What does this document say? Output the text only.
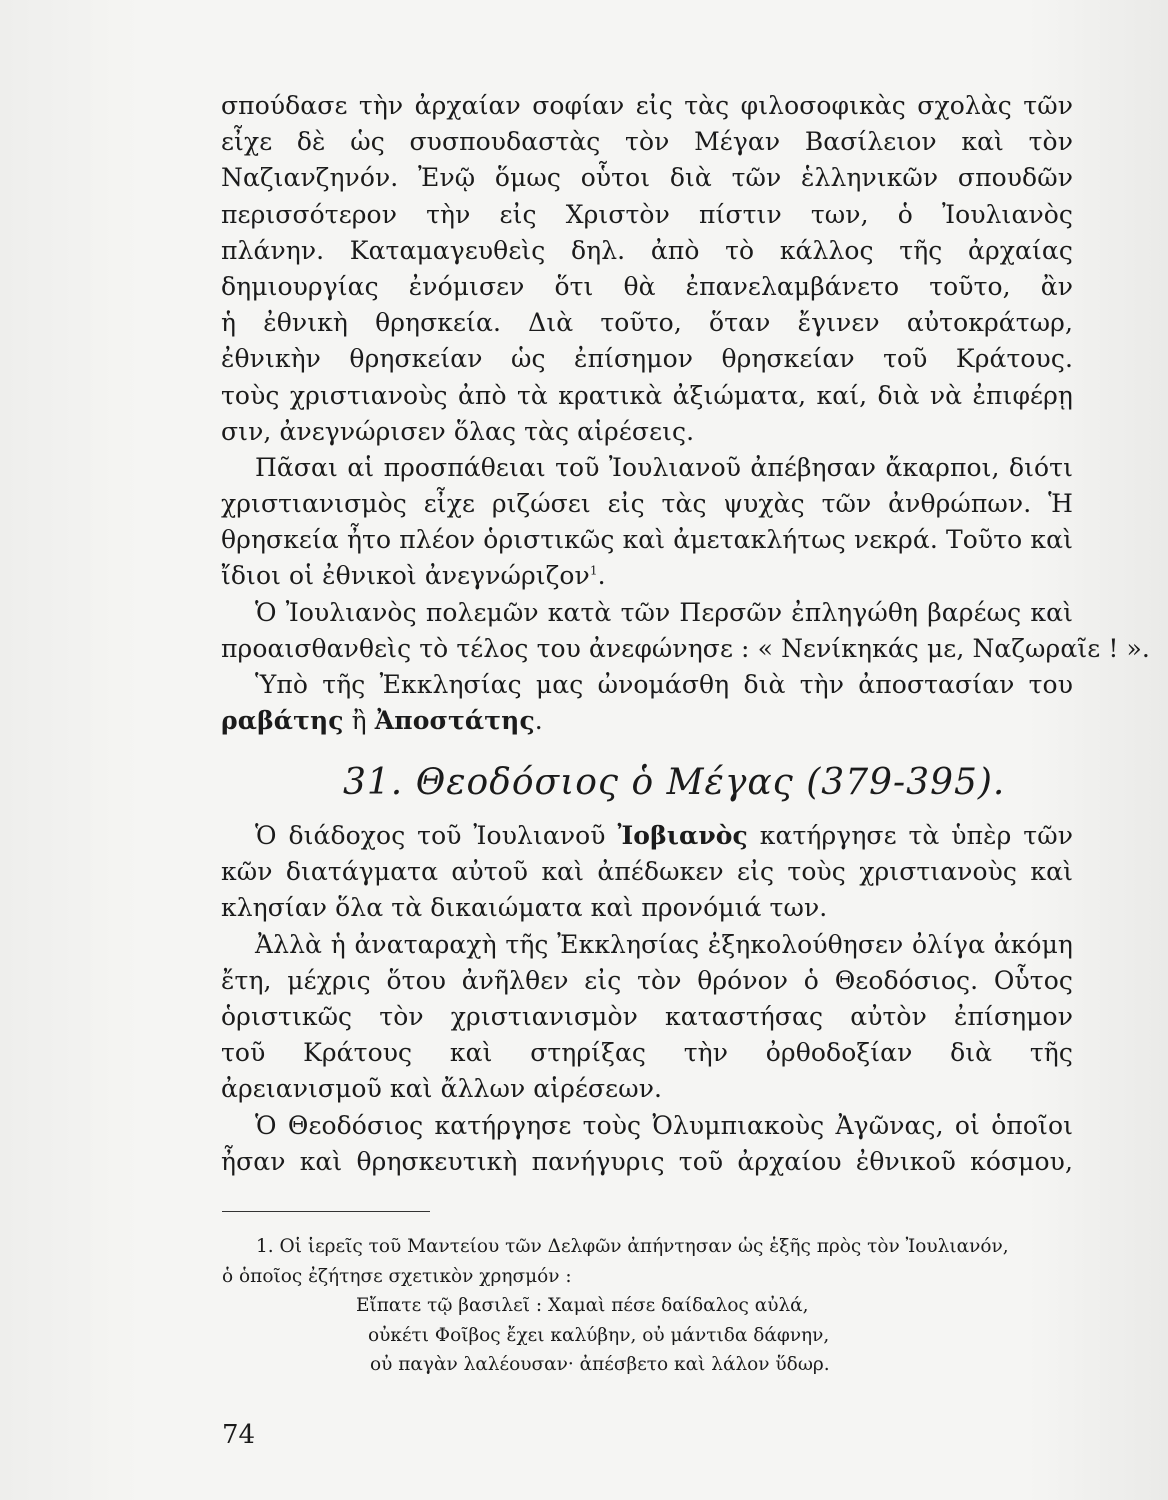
σπούδασε τὴν ἀρχαίαν σοφίαν εἰς τὰς φιλοσοφικὰς σχολὰς τῶν
εἶχε δὲ ὡς συσπουδαστὰς τὸν Μέγαν Βασίλειον καὶ τὸν
Ναζιανζηνόν. Ἐνῷ ὅμως οὗτοι διὰ τῶν ἑλληνικῶν σπουδῶν
περισσότερον τὴν εἰς Χριστὸν πίστιν των, ὁ Ἰουλιανὸς
πλάνην. Καταμαγευθεὶς δηλ. ἀπὸ τὸ κάλλος τῆς ἀρχαίας
δημιουργίας ἐνόμισεν ὅτι θὰ ἐπανελαμβάνετο τοῦτο, ἂν
ἡ ἐθνικὴ θρησκεία. Διὰ τοῦτο, ὅταν ἔγινεν αὐτοκράτωρ,
ἐθνικὴν θρησκείαν ὡς ἐπίσημον θρησκείαν τοῦ Κράτους.
τοὺς χριστιανοὺς ἀπὸ τὰ κρατικὰ ἀξιώματα, καί, διὰ νὰ ἐπιφέρῃ
σιν, ἀνεγνώρισεν ὅλας τὰς αἱρέσεις.
Πᾶσαι αἱ προσπάθειαι τοῦ Ἰουλιανοῦ ἀπέβησαν ἄκαρποι, διότι
χριστιανισμὸς εἶχε ριζώσει εἰς τὰς ψυχὰς τῶν ἀνθρώπων. Ἡ
θρησκεία ἦτο πλέον ὁριστικῶς καὶ ἀμετακλήτως νεκρά. Τοῦτο καὶ
ἴδιοι οἱ ἐθνικοὶ ἀνεγνώριζον$^1$.
Ὁ Ἰουλιανὸς πολεμῶν κατὰ τῶν Περσῶν ἐπληγώθη βαρέως καὶ
προαισθανθεὶς τὸ τέλος του ἀνεφώνησε : « Νενίκηκάς με, Ναζωραῖε ! ».
Ὑπὸ τῆς Ἐκκλησίας μας ὠνομάσθη διὰ τὴν ἀποστασίαν του
ραβάτης ἢ Ἀποστάτης.
31. Θεοδόσιος ὁ Μέγας (379-395).
Ὁ διάδοχος τοῦ Ἰουλιανοῦ Ἰοβιανὸς κατήργησε τὰ ὑπὲρ τῶν
κῶν διατάγματα αὐτοῦ καὶ ἀπέδωκεν εἰς τοὺς χριστιανοὺς καὶ
κλησίαν ὅλα τὰ δικαιώματα καὶ προνόμιά των.
Ἀλλὰ ἡ ἀναταραχὴ τῆς Ἐκκλησίας ἐξηκολούθησεν ὀλίγα ἀκόμη
ἔτη, μέχρις ὅτου ἀνῆλθεν εἰς τὸν θρόνον ὁ Θεοδόσιος. Οὗτος
ὁριστικῶς τὸν χριστιανισμὸν καταστήσας αὐτὸν ἐπίσημον
τοῦ Κράτους καὶ στηρίξας τὴν ὀρθοδοξίαν διὰ τῆς
ἀρειανισμοῦ καὶ ἄλλων αἱρέσεων.
Ὁ Θεοδόσιος κατήργησε τοὺς Ὀλυμπιακοὺς Ἀγῶνας, οἱ ὁποῖοι
ἦσαν καὶ θρησκευτικὴ πανήγυρις τοῦ ἀρχαίου ἐθνικοῦ κόσμου,
1. Οἱ ἱερεῖς τοῦ Μαντείου τῶν Δελφῶν ἀπήντησαν ὡς ἑξῆς πρὸς τὸν Ἰουλιανόν,
ὁ ὁποῖος ἐζήτησε σχετικὸν χρησμόν :
Εἴπατε τῷ βασιλεῖ : Χαμαὶ πέσε δαίδαλος αὐλά,
οὐκέτι Φοῖβος ἔχει καλύβην, οὐ μάντιδα δάφνην,
οὐ παγὰν λαλέουσαν· ἀπέσβετο καὶ λάλον ὕδωρ.
74
